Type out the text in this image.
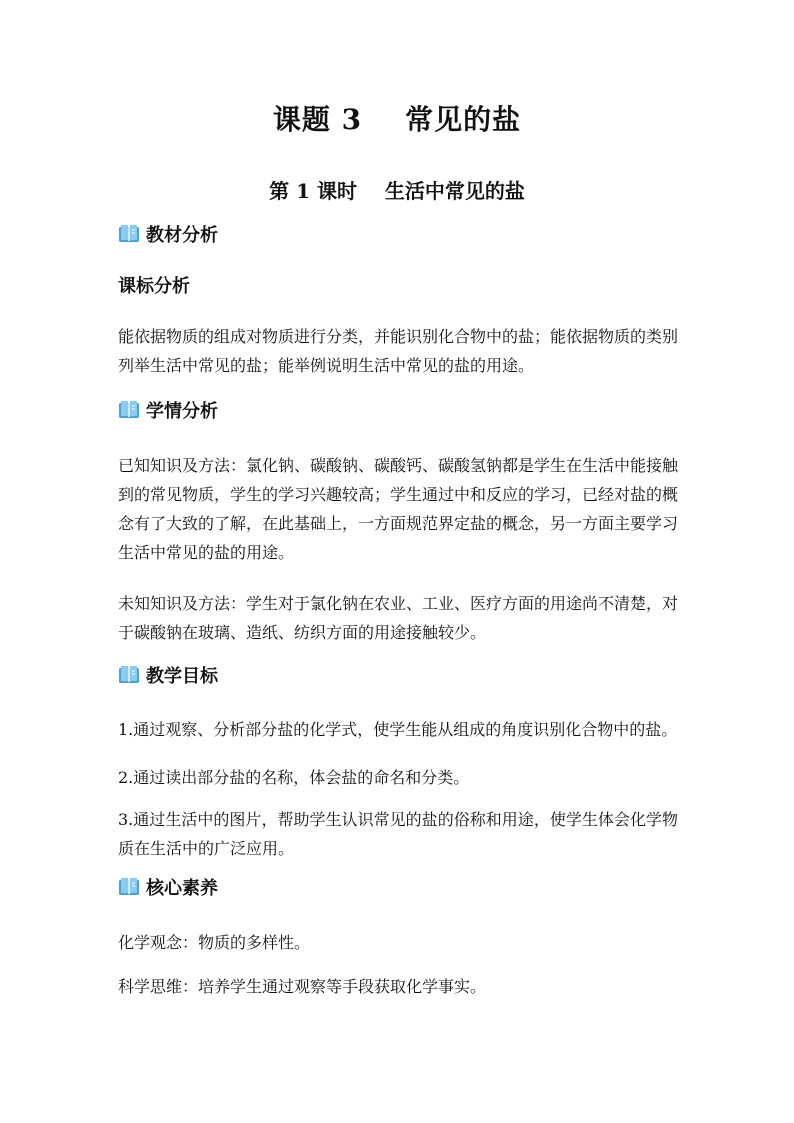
课题 3    常见的盐
第 1 课时    生活中常见的盐
教材分析
课标分析
能依据物质的组成对物质进行分类，并能识别化合物中的盐；能依据物质的类别列举生活中常见的盐；能举例说明生活中常见的盐的用途。
学情分析
已知知识及方法：氯化钠、碳酸钠、碳酸钙、碳酸氢钠都是学生在生活中能接触到的常见物质，学生的学习兴趣较高；学生通过中和反应的学习，已经对盐的概念有了大致的了解，在此基础上，一方面规范界定盐的概念，另一方面主要学习生活中常见的盐的用途。
未知知识及方法：学生对于氯化钠在农业、工业、医疗方面的用途尚不清楚，对于碳酸钠在玻璃、造纸、纺织方面的用途接触较少。
教学目标
1.通过观察、分析部分盐的化学式，使学生能从组成的角度识别化合物中的盐。
2.通过读出部分盐的名称，体会盐的命名和分类。
3.通过生活中的图片，帮助学生认识常见的盐的俗称和用途，使学生体会化学物质在生活中的广泛应用。
核心素养
化学观念：物质的多样性。
科学思维：培养学生通过观察等手段获取化学事实。
